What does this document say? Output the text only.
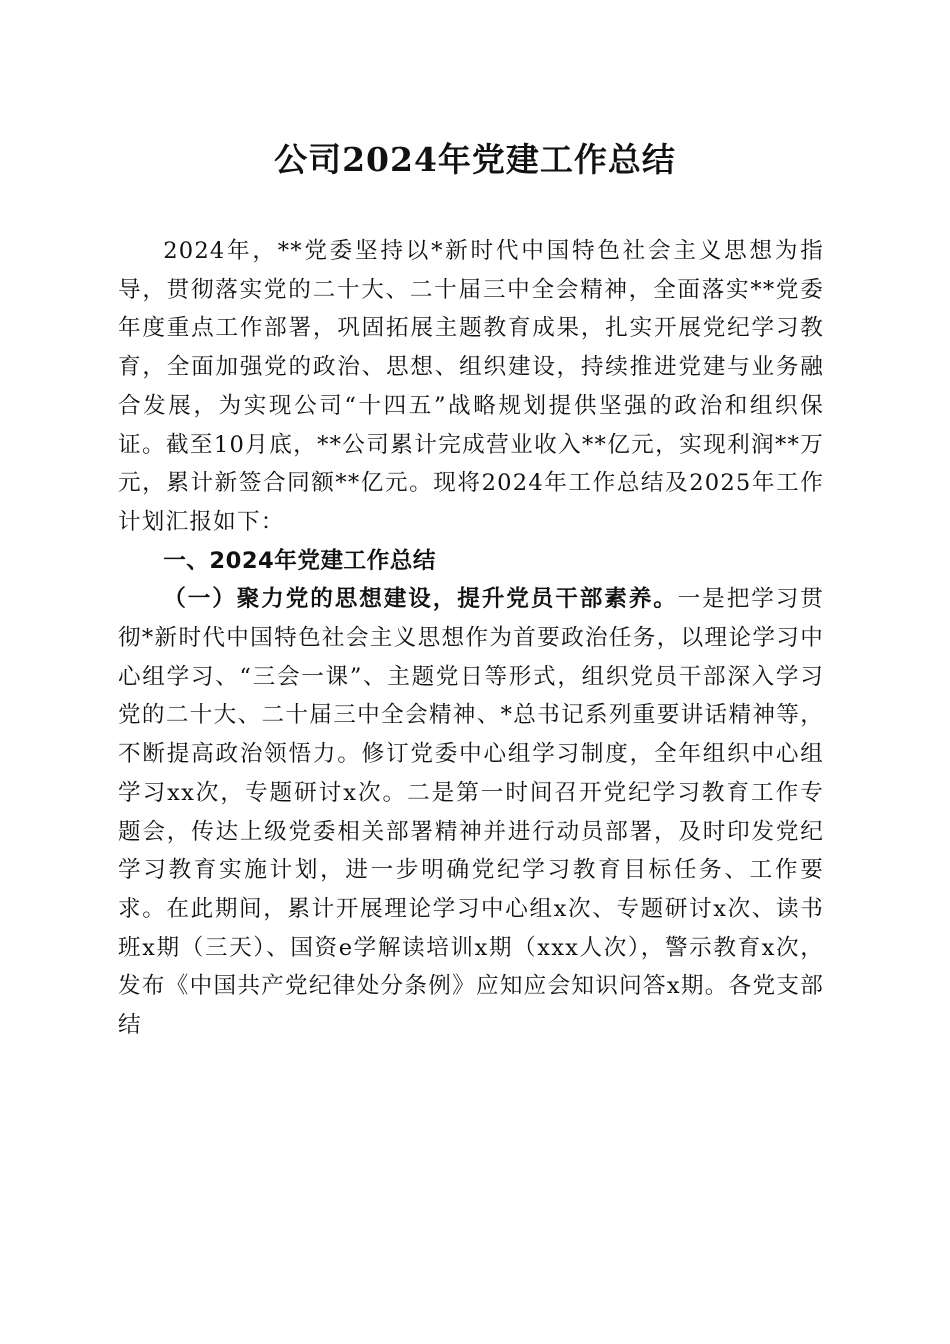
公司2024年党建工作总结

2024年，**党委坚持以*新时代中国特色社会主义思想为指导，贯彻落实党的二十大、二十届三中全会精神，全面落实**党委年度重点工作部署，巩固拓展主题教育成果，扎实开展党纪学习教育，全面加强党的政治、思想、组织建设，持续推进党建与业务融合发展，为实现公司“十四五”战略规划提供坚强的政治和组织保证。截至10月底，**公司累计完成营业收入**亿元，实现利润**万元，累计新签合同额**亿元。现将2024年工作总结及2025年工作计划汇报如下：

一、2024年党建工作总结

（一）聚力党的思想建设，提升党员干部素养。一是把学习贯彻*新时代中国特色社会主义思想作为首要政治任务，以理论学习中心组学习、“三会一课”、主题党日等形式，组织党员干部深入学习党的二十大、二十届三中全会精神、*总书记系列重要讲话精神等，不断提高政治领悟力。修订党委中心组学习制度，全年组织中心组学习xx次，专题研讨x次。二是第一时间召开党纪学习教育工作专题会，传达上级党委相关部署精神并进行动员部署，及时印发党纪学习教育实施计划，进一步明确党纪学习教育目标任务、工作要求。在此期间，累计开展理论学习中心组x次、专题研讨x次、读书班x期（三天）、国资e学解读培训x期（xxx人次），警示教育x次，发布《中国共产党纪律处分条例》应知应会知识问答x期。各党支部结
